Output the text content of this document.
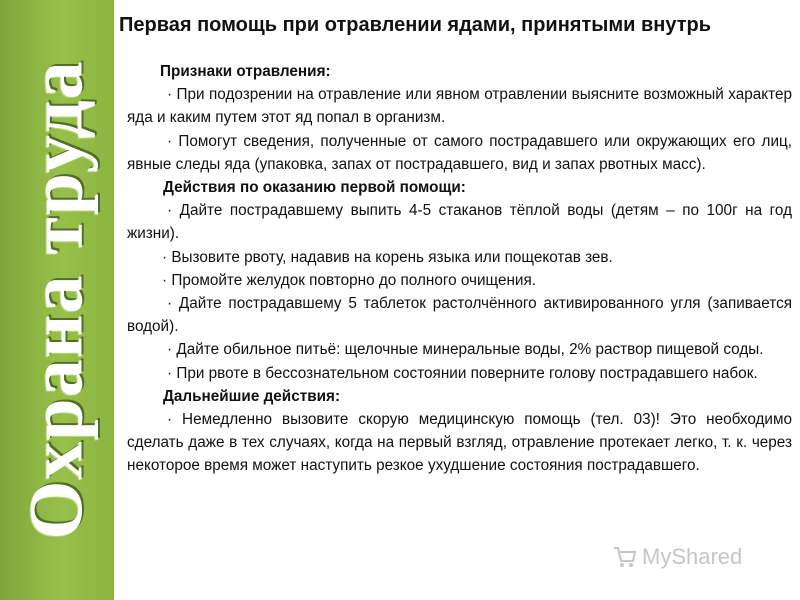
Охрана труда
Первая помощь при отравлении ядами, принятыми внутрь

Признаки отравления:

· При подозрении на отравление или явном отравлении выясните возможный характер яда и каким путем этот яд попал в организм.

· Помогут сведения, полученные от самого пострадавшего или окружающих его лиц, явные следы яда (упаковка, запах от пострадавшего, вид и запах рвотных масс).

Действия по оказанию первой помощи:

· Дайте пострадавшему выпить 4-5 стаканов тёплой воды (детям – по 100г на год жизни).

· Вызовите рвоту, надавив на корень языка или пощекотав зев.

· Промойте желудок повторно до полного очищения.

· Дайте пострадавшему 5 таблеток растолчённого активированного угля (запивается водой).

· Дайте обильное питьё: щелочные минеральные воды, 2% раствор пищевой соды.

· При рвоте в бессознательном состоянии поверните голову пострадавшего набок.

Дальнейшие действия:

· Немедленно вызовите скорую медицинскую помощь (тел. 03)! Это необходимо сделать даже в тех случаях, когда на первый взгляд, отравление протекает легко, т. к. через некоторое время может наступить резкое ухудшение состояния пострадавшего.

MyShared
